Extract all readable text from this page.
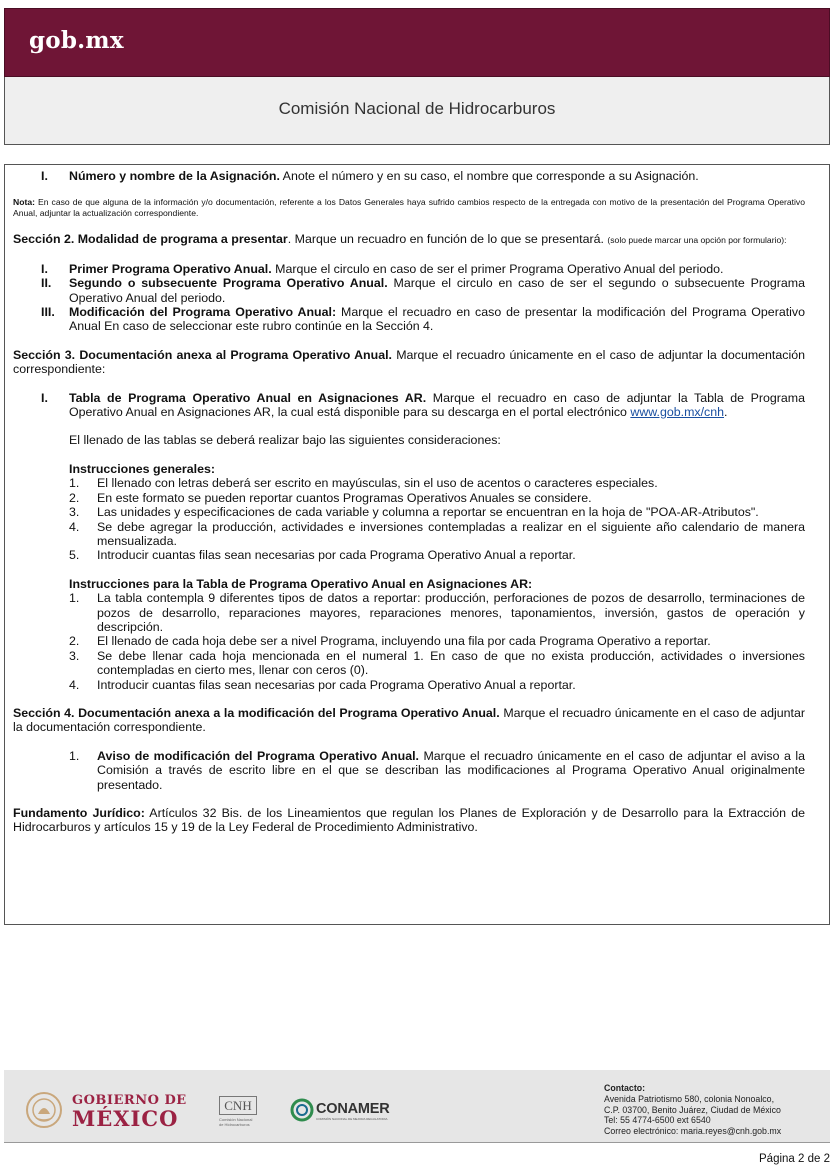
gob.mx
Comisión Nacional de Hidrocarburos
I.	Número y nombre de la Asignación. Anote el número y en su caso, el nombre que corresponde a su Asignación.
Nota: En caso de que alguna de la información y/o documentación, referente a los Datos Generales haya sufrido cambios respecto de la entregada con motivo de la presentación del Programa Operativo Anual, adjuntar la actualización correspondiente.
Sección 2. Modalidad de programa a presentar. Marque un recuadro en función de lo que se presentará. (solo puede marcar una opción por formulario):
I.	Primer Programa Operativo Anual. Marque el circulo en caso de ser el primer Programa Operativo Anual del periodo.
II.	Segundo o subsecuente Programa Operativo Anual. Marque el circulo en caso de ser el segundo o subsecuente Programa Operativo Anual del periodo.
III.	Modificación del Programa Operativo Anual: Marque el recuadro en caso de presentar la modificación del Programa Operativo Anual En caso de seleccionar este rubro continúe en la Sección 4.
Sección 3. Documentación anexa al Programa Operativo Anual. Marque el recuadro únicamente en el caso de adjuntar la documentación correspondiente:
I.	Tabla de Programa Operativo Anual en Asignaciones AR. Marque el recuadro en caso de adjuntar la Tabla de Programa Operativo Anual en Asignaciones AR, la cual está disponible para su descarga en el portal electrónico www.gob.mx/cnh.
El llenado de las tablas se deberá realizar bajo las siguientes consideraciones:
Instrucciones generales:
1.	El llenado con letras deberá ser escrito en mayúsculas, sin el uso de acentos o caracteres especiales.
2.	En este formato se pueden reportar cuantos Programas Operativos Anuales se considere.
3.	Las unidades y especificaciones de cada variable y columna a reportar se encuentran en la hoja de "POA-AR-Atributos".
4.	Se debe agregar la producción, actividades e inversiones contempladas a realizar en el siguiente año calendario de manera mensualizada.
5.	Introducir cuantas filas sean necesarias por cada Programa Operativo Anual a reportar.
Instrucciones para la Tabla de Programa Operativo Anual en Asignaciones AR:
1.	La tabla contempla 9 diferentes tipos de datos a reportar: producción, perforaciones de pozos de desarrollo, terminaciones de pozos de desarrollo, reparaciones mayores, reparaciones menores, taponamientos, inversión, gastos de operación y descripción.
2.	El llenado de cada hoja debe ser a nivel Programa, incluyendo una fila por cada Programa Operativo a reportar.
3.	Se debe llenar cada hoja mencionada en el numeral 1. En caso de que no exista producción, actividades o inversiones contempladas en cierto mes, llenar con ceros (0).
4.	Introducir cuantas filas sean necesarias por cada Programa Operativo Anual a reportar.
Sección 4. Documentación anexa a la modificación del Programa Operativo Anual. Marque el recuadro únicamente en el caso de adjuntar la documentación correspondiente.
1.	Aviso de modificación del Programa Operativo Anual. Marque el recuadro únicamente en el caso de adjuntar el aviso a la Comisión a través de escrito libre en el que se describan las modificaciones al Programa Operativo Anual originalmente presentado.
Fundamento Jurídico: Artículos 32 Bis. de los Lineamientos que regulan los Planes de Exploración y de Desarrollo para la Extracción de Hidrocarburos y artículos 15 y 19 de la Ley Federal de Procedimiento Administrativo.
GOBIERNO DE
MÉXICO
CNH
Comisión Nacional de Hidrocarburos
CONAMER
COMISIÓN NACIONAL DE MEJORA REGULATORIA
Contacto:
Avenida Patriotismo 580, colonia Nonoalco,
C.P. 03700, Benito Juárez, Ciudad de México
Tel: 55 4774-6500 ext 6540
Correo electrónico: maria.reyes@cnh.gob.mx
Página 2 de 2
